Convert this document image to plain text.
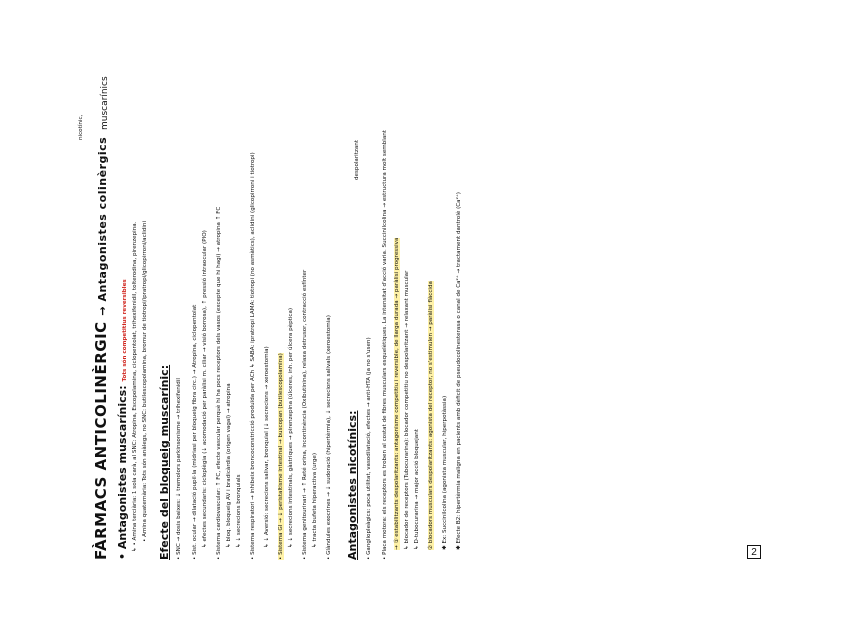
FÀRMACS ANTICOLINÈRGIC → Antagonistes colinèrgics
nicotínic, muscarínics
• Antagonistes muscarínics: Tots són competitius reversibles ↳ • Amina terciària: 1 sola carà, al SNC: Atropina, Escopolamina, ciclopentolat, trihexifenidil, tolterodina, pirenzepina. • Amina quaternària: Tots són anàlegs, no SNC: butilescopolamina, bromur de tiotropi/ipratropi/glicopirroni/aclidini Efecte del bloqueig muscarínic: • SNC → dosis baixes: ↓ tremolors parkinsonisme → trihexifenidil • Sist. ocular → dilatació pupil·la (midriasi per bloqueig fibra circ.) → Atropina, ciclopentolat ↳ efectes secundaris: cicloplègia (↓ acomodació per paràlisi m. ciliar → visió borrosa), ↑ pressió intraocular (PIO) • Sistema cardiovascular: ↑ FC, efecte vascular perquè hi ha pocs receptors dels vasos (excepte que hi hagi) → atropina ↑ FC ↳ bloq. bloqueig AV i bradicàrdia (origen vagal) → atropina ↳ ↓ secrecions bronquials • Sistema respiratori → inhibeix broncoconstricció produïda per ACh ↳ SABA: ipratropi LAMA: tiotropi (no asmàtics), aclidini (glicopirroni i tiotropi) ↳ ↓ Aversió: secrecions salivar, bronquial (↓ secrecions → xeroestomia) • Sistema GI → ↓ peristaltisme intestinal → buscopan (butilescopolamina) ↳ ↓ secrecions intestinals, gàstriques → pirenzepina (úlceres, inh. per úlcera pèptica) • Sistema genitourinari → ↑ Reté orina, incontinència (Oxibutinina), relaxa detrusor, contracció esfínter ↳ tracta bufeta hiperactiva (urge) • Glàndules exocrines → ↓ sudoració (hipertèrmia), ↓ secrecions salivals (xeroestomia) Antagonistes nicotínics: • Gangliopleàgics: poca utilitat, vasodilatació, efectes → anti-HTA (ja no s'usen) • Placa motora: els receptors es troben al costat de fibres musculars esquelètiques. La intensitat d'acció varia. Succinilcolina → estructura molt semblant → ① estabilitzants despolaritzants: antagonisme competitiu i reversible, de llarga durada → paràlisi progressiva ↳ blocador de receptors (Tubocurarina): blocador competitiu no despolaritzant → relaxant muscular ↳ D-tubocurarina → major acció bloquejant ② blocadors musculars despolaritzants: agonista del receptor, no s'estimulen → paràlisi flàccida ✱ Ex: Succinilcolina (agonista muscular, hiperpotàssia) ✱ Efecte B2: hipertèrmia maligna en pacients amb dèficit de pseudocolinesterasa o canal de Ca²⁺ → tractament dantrolè (Ca²⁺)
despolaritzant
2
